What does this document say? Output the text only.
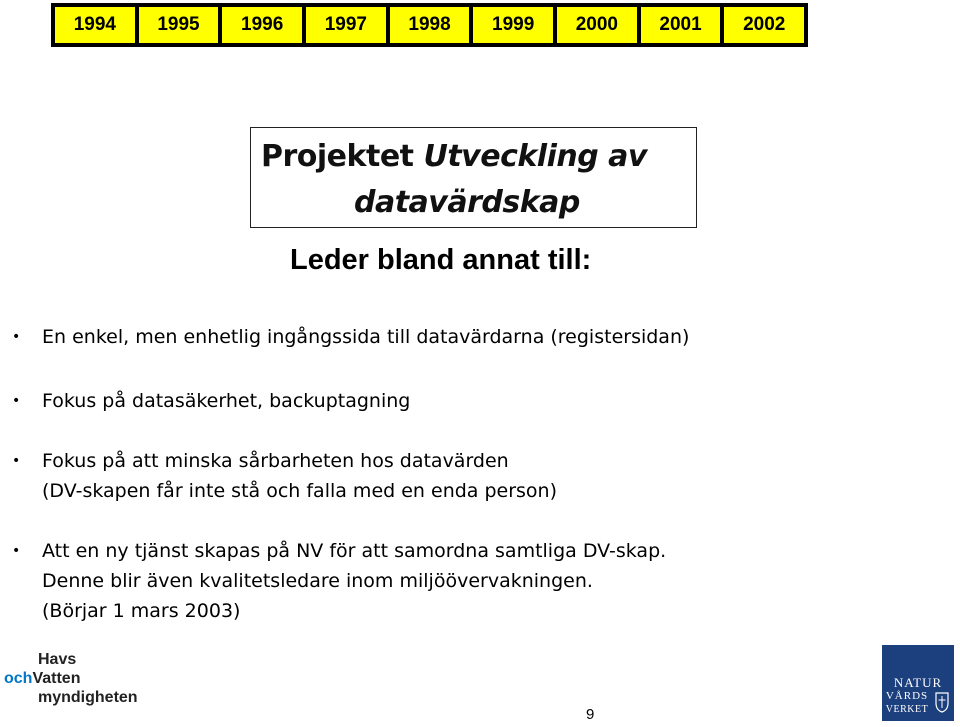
1994	1995	1996	1997	1998	1999	2000	2001	2002
Projektet Utveckling av
datavärdskap
Leder bland annat till:
•	En enkel, men enhetlig ingångssida till datavärdarna (registersidan)
•	Fokus på datasäkerhet, backuptagning
•	Fokus på att minska sårbarheten hos datavärden
(DV-skapen får inte stå och falla med en enda person)
•	Att en ny tjänst skapas på NV för att samordna samtliga DV-skap.
Denne blir även kvalitetsledare inom miljöövervakningen.
(Börjar 1 mars 2003)
Havs
ochVatten
myndigheten
9
NATUR
VÅRDS
VERKET
